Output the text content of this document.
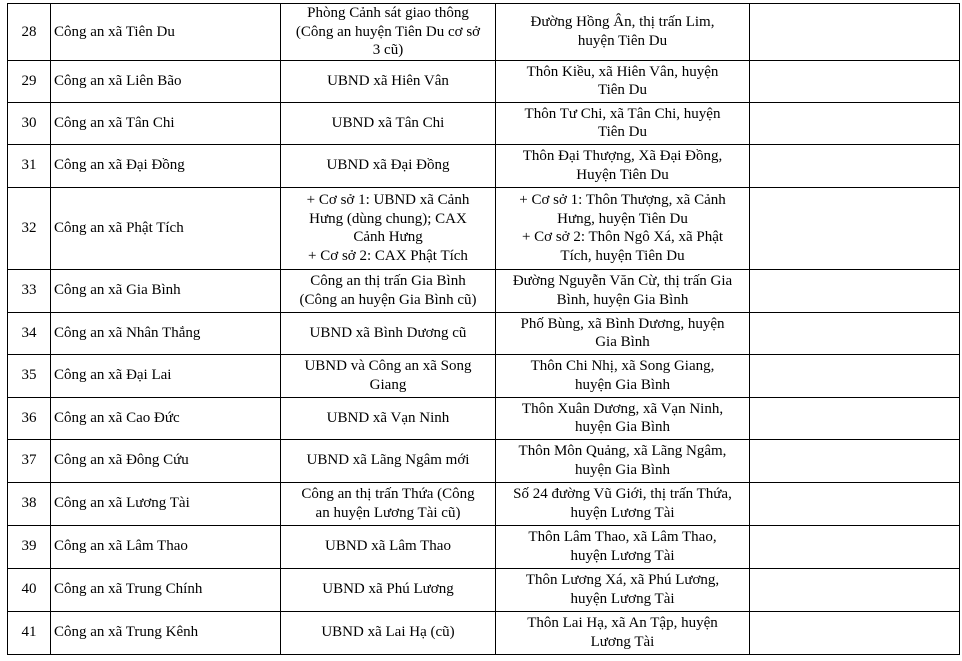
28	Công an xã Tiên Du	Phòng Cảnh sát giao thông
(Công an huyện Tiên Du cơ sở
3 cũ)	Đường Hồng Ân, thị trấn Lim,
huyện Tiên Du	

29	Công an xã Liên Bão	UBND xã Hiên Vân	Thôn Kiều, xã Hiên Vân, huyện
Tiên Du	

30	Công an xã Tân Chi	UBND xã Tân Chi	Thôn Tư Chi, xã Tân Chi, huyện
Tiên Du	

31	Công an xã Đại Đồng	UBND xã Đại Đồng	Thôn Đại Thượng, Xã Đại Đồng,
Huyện Tiên Du	

32	Công an xã Phật Tích	+ Cơ sở 1: UBND xã Cảnh
Hưng (dùng chung); CAX
Cảnh Hưng
+ Cơ sở 2: CAX Phật Tích	+ Cơ sở 1: Thôn Thượng, xã Cảnh
Hưng, huyện Tiên Du
+ Cơ sở 2: Thôn Ngô Xá, xã Phật
Tích, huyện Tiên Du	

33	Công an xã Gia Bình	Công an thị trấn Gia Bình
(Công an huyện Gia Bình cũ)	Đường Nguyễn Văn Cừ, thị trấn Gia
Bình, huyện Gia Bình	

34	Công an xã Nhân Thắng	UBND xã Bình Dương cũ	Phố Bùng, xã Bình Dương, huyện
Gia Bình	

35	Công an xã Đại Lai	UBND và Công an xã Song
Giang	Thôn Chi Nhị, xã Song Giang,
huyện Gia Bình	

36	Công an xã Cao Đức	UBND xã Vạn Ninh	Thôn Xuân Dương, xã Vạn Ninh,
huyện Gia Bình	

37	Công an xã Đông Cứu	UBND xã Lãng Ngâm mới	Thôn Môn Quảng, xã Lãng Ngâm,
huyện Gia Bình	

38	Công an xã Lương Tài	Công an thị trấn Thứa (Công
an huyện Lương Tài cũ)	Số 24 đường Vũ Giới, thị trấn Thứa,
huyện Lương Tài	

39	Công an xã Lâm Thao	UBND xã Lâm Thao	Thôn Lâm Thao, xã Lâm Thao,
huyện Lương Tài	

40	Công an xã Trung Chính	UBND xã Phú Lương	Thôn Lương Xá, xã Phú Lương,
huyện Lương Tài	

41	Công an xã Trung Kênh	UBND xã Lai Hạ (cũ)	Thôn Lai Hạ, xã An Tập, huyện
Lương Tài	
